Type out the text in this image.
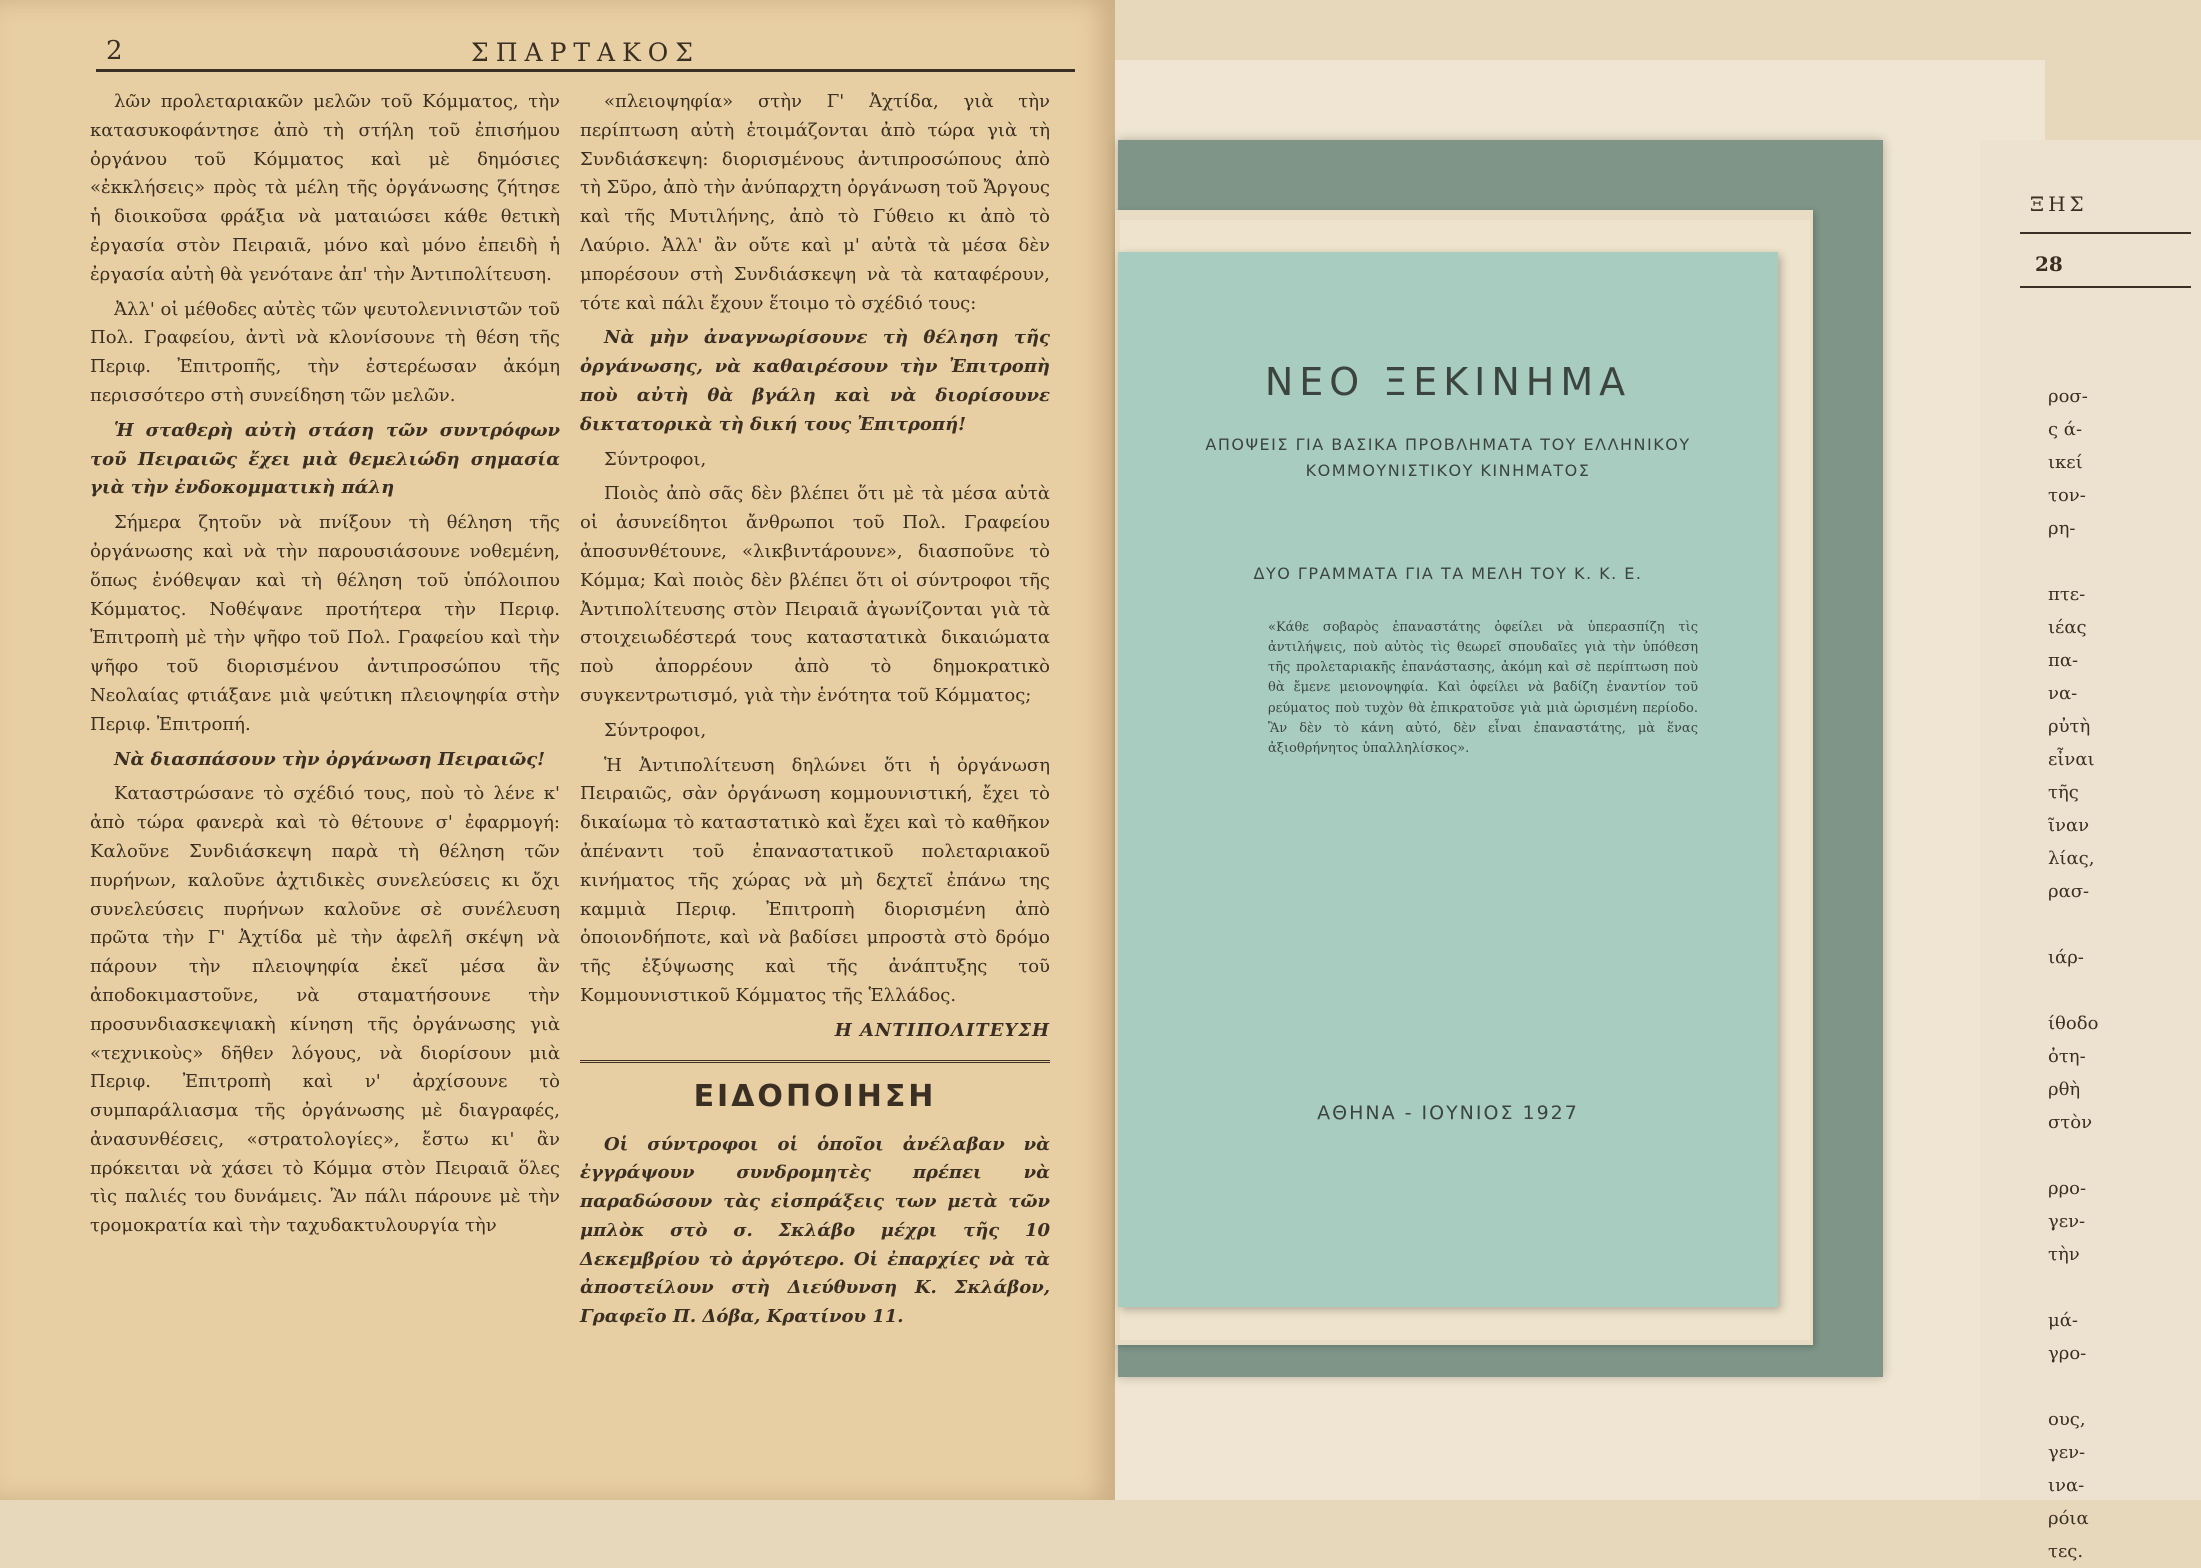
2	ΣΠΑΡΤΑΚΟΣ

λῶν προλεταριακῶν μελῶν τοῦ Κόμματος, τὴν κατασυκοφάντησε ἀπὸ τὴ στήλη τοῦ ἐπισήμου ὀργάνου τοῦ Κόμματος καὶ μὲ δημόσιες «ἐκκλήσεις» πρὸς τὰ μέλη τῆς ὀργάνωσης ζήτησε ἡ διοικοῦσα φράξια νὰ ματαιώσει κάθε θετικὴ ἐργασία στὸν Πειραιᾶ, μόνο καὶ μόνο ἐπειδὴ ἡ ἐργασία αὐτὴ θὰ γενότανε ἀπ' τὴν Ἀντιπολίτευση.

Ἀλλ' οἱ μέθοδες αὐτὲς τῶν ψευτολενινιστῶν τοῦ Πολ. Γραφείου, ἀντὶ νὰ κλονίσουνε τὴ θέση τῆς Περιφ. Ἐπιτροπῆς, τὴν ἐστερέωσαν ἀκόμη περισσότερο στὴ συνείδηση τῶν μελῶν.

Ἡ σταθερὴ αὐτὴ στάση τῶν συντρόφων τοῦ Πειραιῶς ἔχει μιὰ θεμελιώδη σημασία γιὰ τὴν ἐνδοκομματικὴ πάλη

Σήμερα ζητοῦν νὰ πνίξουν τὴ θέληση τῆς ὀργάνωσης καὶ νὰ τὴν παρουσιάσουνε νοθεμένη, ὅπως ἐνόθεψαν καὶ τὴ θέληση τοῦ ὑπόλοιπου Κόμματος. Νοθέψανε προτήτερα τὴν Περιφ. Ἐπιτροπὴ μὲ τὴν ψῆφο τοῦ Πολ. Γραφείου καὶ τὴν ψῆφο τοῦ διορισμένου ἀντιπροσώπου τῆς Νεολαίας φτιάξανε μιὰ ψεύτικη πλειοψηφία στὴν Περιφ. Ἐπιτροπή.

Νὰ διασπάσουν τὴν ὀργάνωση Πειραιῶς!

Καταστρώσανε τὸ σχέδιό τους, ποὺ τὸ λένε κ' ἀπὸ τώρα φανερὰ καὶ τὸ θέτουνε σ' ἐφαρμογή: Καλοῦνε Συνδιάσκεψη παρὰ τὴ θέληση τῶν πυρήνων, καλοῦνε ἀχτιδικὲς συνελεύσεις κι ὄχι συνελεύσεις πυρήνων καλοῦνε σὲ συνέλευση πρῶτα τὴν Γ' Ἀχτίδα μὲ τὴν ἀφελῆ σκέψη νὰ πάρουν τὴν πλειοψηφία ἐκεῖ μέσα ἂν ἀποδοκιμαστοῦνε, νὰ σταματήσουνε τὴν προσυνδιασκεψιακὴ κίνηση τῆς ὀργάνωσης γιὰ «τεχνικοὺς» δῆθεν λόγους, νὰ διορίσουν μιὰ Περιφ. Ἐπιτροπὴ καὶ ν' ἀρχίσουνε τὸ συμπαράλιασμα τῆς ὀργάνωσης μὲ διαγραφές, ἀνασυνθέσεις, «στρατολογίες», ἔστω κι' ἂν πρόκειται νὰ χάσει τὸ Κόμμα στὸν Πειραιᾶ ὅλες τὶς παλιές του δυνάμεις. Ἂν πάλι πάρουνε μὲ τὴν τρομοκρατία καὶ τὴν ταχυδακτυλουργία τὴν

«πλειοψηφία» στὴν Γ' Ἀχτίδα, γιὰ τὴν περίπτωση αὐτὴ ἑτοιμάζονται ἀπὸ τώρα γιὰ τὴ Συνδιάσκεψη: διορισμένους ἀντιπροσώπους ἀπὸ τὴ Σῦρο, ἀπὸ τὴν ἀνύπαρχτη ὀργάνωση τοῦ Ἄργους καὶ τῆς Μυτιλήνης, ἀπὸ τὸ Γύθειο κι ἀπὸ τὸ Λαύριο. Ἀλλ' ἂν οὔτε καὶ μ' αὐτὰ τὰ μέσα δὲν μπορέσουν στὴ Συνδιάσκεψη νὰ τὰ καταφέρουν, τότε καὶ πάλι ἔχουν ἕτοιμο τὸ σχέδιό τους:

Νὰ μὴν ἀναγνωρίσουνε τὴ θέληση τῆς ὀργάνωσης, νὰ καθαιρέσουν τὴν Ἐπιτροπὴ ποὺ αὐτὴ θὰ βγάλη καὶ νὰ διορίσουνε δικτατορικὰ τὴ δική τους Ἐπιτροπή!

Σύντροφοι,

Ποιὸς ἀπὸ σᾶς δὲν βλέπει ὅτι μὲ τὰ μέσα αὐτὰ οἱ ἀσυνείδητοι ἄνθρωποι τοῦ Πολ. Γραφείου ἀποσυνθέτουνε, «λικβιντάρουνε», διασποῦνε τὸ Κόμμα; Καὶ ποιὸς δὲν βλέπει ὅτι οἱ σύντροφοι τῆς Ἀντιπολίτευσης στὸν Πειραιᾶ ἀγωνίζονται γιὰ τὰ στοιχειωδέστερά τους καταστατικὰ δικαιώματα ποὺ ἀπορρέουν ἀπὸ τὸ δημοκρατικὸ συγκεντρωτισμό, γιὰ τὴν ἑνότητα τοῦ Κόμματος;

Σύντροφοι,

Ἡ Ἀντιπολίτευση δηλώνει ὅτι ἡ ὀργάνωση Πειραιῶς, σὰν ὀργάνωση κομμουνιστική, ἔχει τὸ δικαίωμα τὸ καταστατικὸ καὶ ἔχει καὶ τὸ καθῆκον ἀπέναντι τοῦ ἐπαναστατικοῦ πολεταριακοῦ κινήματος τῆς χώρας νὰ μὴ δεχτεῖ ἐπάνω της καμμιὰ Περιφ. Ἐπιτροπὴ διορισμένη ἀπὸ ὁποιονδήποτε, καὶ νὰ βαδίσει μπροστὰ στὸ δρόμο τῆς ἐξύψωσης καὶ τῆς ἀνάπτυξης τοῦ Κομμουνιστικοῦ Κόμματος τῆς Ἑλλάδος.

Η ΑΝΤΙΠΟΛΙΤΕΥΣΗ
ΕΙΔΟΠΟΙΗΣΗ

Οἱ σύντροφοι οἱ ὁποῖοι ἀνέλαβαν νὰ ἐγγράψουν συνδρομητὲς πρέπει νὰ παραδώσουν τὰς εἰσπράξεις των μετὰ τῶν μπλὸκ στὸ σ. Σκλάβο μέχρι τῆς 10 Δεκεμβρίου τὸ ἀργότερο. Οἱ ἐπαρχίες νὰ τὰ ἀποστείλουν στὴ Διεύθυνση Κ. Σκλάβον, Γραφεῖο Π. Δόβα, Κρατίνου 11.

ΞΗΣ
28
ροσ-
ς ά-
ικεί
τον-
ρη-
πτε-
ιέας
πα-
να-
ρὐτὴ
εἶναι
τῆς
ῖναν
λίας,
ρασ-
ιάρ-
ίθοδο
ὀτη-
ρθὴ
στὸν
ρρο-
γεν-
τὴν
μά-
γρο-
ους,
γεν-
ινα-
ρόια
τες.
ΝΕΟ ΞΕΚΙΝΗΜΑ
ΑΠΟΨΕΙΣ ΓΙΑ ΒΑΣΙΚΑ ΠΡΟΒΛΗΜΑΤΑ ΤΟΥ ΕΛΛΗΝΙΚΟΥ ΚΟΜΜΟΥΝΙΣΤΙΚΟΥ ΚΙΝΗΜΑΤΟΣ
ΔΥΟ ΓΡΑΜΜΑΤΑ ΓΙΑ ΤΑ ΜΕΛΗ ΤΟΥ Κ. Κ. Ε.
«Κάθε σοβαρὸς ἐπαναστάτης ὀφείλει νὰ ὑπερασπίζη τὶς ἀντιλήψεις, ποὺ αὐτὸς τὶς θεωρεῖ σπουδαῖες γιὰ τὴν ὑπόθεση τῆς προλεταριακῆς ἐπανάστασης, ἀκόμη καὶ σὲ περίπτωση ποὺ θὰ ἔμενε μειονοψηφία. Καὶ ὀφείλει νὰ βαδίζη ἐναντίον τοῦ ρεύματος ποὺ τυχὸν θὰ ἐπικρατοῦσε γιὰ μιὰ ὡρισμένη περίοδο. Ἂν δὲν τὸ κάνη αὐτό, δὲν εἶναι ἐπαναστάτης, μὰ ἕνας ἀξιοθρήνητος ὑπαλληλίσκος».
ΑΘΗΝΑ - ΙΟΥΝΙΟΣ 1927
